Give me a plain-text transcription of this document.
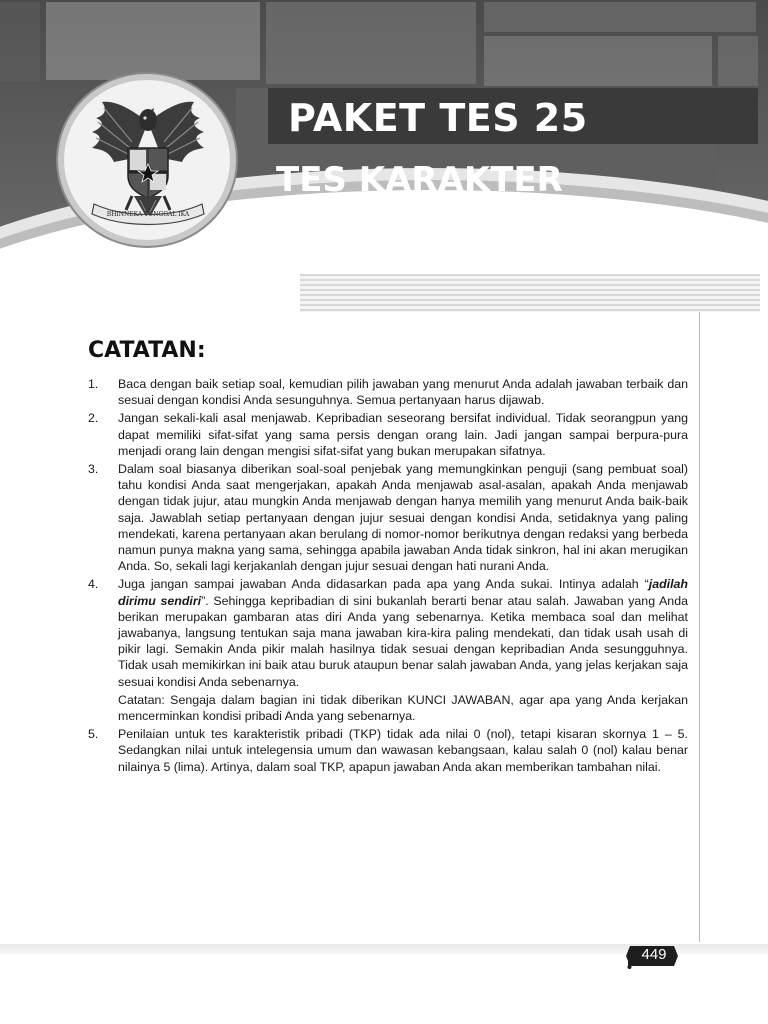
BHINNEKA TUNGGAL IKA
PAKET TES 25
TES KARAKTER
PRIBADI
CATATAN:
1.	Baca dengan baik setiap soal, kemudian pilih jawaban yang menurut Anda adalah jawaban terbaik dan sesuai dengan kondisi Anda sesunguhnya. Semua pertanyaan harus dijawab.

2.	Jangan sekali-kali asal menjawab. Kepribadian seseorang bersifat individual. Tidak seorangpun yang dapat memiliki sifat-sifat yang sama persis dengan orang lain. Jadi jangan sampai berpura-pura menjadi orang lain dengan mengisi sifat-sifat yang bukan merupakan sifatnya.

3.	Dalam soal biasanya diberikan soal-soal penjebak yang memungkinkan penguji (sang pembuat soal) tahu kondisi Anda saat mengerjakan, apakah Anda menjawab asal-asalan, apakah Anda menjawab dengan tidak jujur, atau mungkin Anda menjawab dengan hanya memilih yang menurut Anda baik-baik saja. Jawablah setiap pertanyaan dengan jujur sesuai dengan kondisi Anda, setidaknya yang paling mendekati, karena pertanyaan akan berulang di nomor-nomor berikutnya dengan redaksi yang berbeda namun punya makna yang sama, sehingga apabila jawaban Anda tidak sinkron, hal ini akan merugikan Anda. So, sekali lagi kerjakanlah dengan jujur sesuai dengan hati nurani Anda.

4.	Juga jangan sampai jawaban Anda didasarkan pada apa yang Anda sukai. Intinya adalah “jadilah dirimu sendiri”. Sehingga kepribadian di sini bukanlah berarti benar atau salah. Jawaban yang Anda berikan merupakan gambaran atas diri Anda yang sebenarnya. Ketika membaca soal dan melihat jawabanya, langsung tentukan saja mana jawaban kira-kira paling mendekati, dan tidak usah usah di pikir lagi. Semakin Anda pikir malah hasilnya tidak sesuai dengan kepribadian Anda sesungguhnya. Tidak usah memikirkan ini baik atau buruk ataupun benar salah jawaban Anda, yang jelas kerjakan saja sesuai kondisi Anda sebenarnya.

Catatan: Sengaja dalam bagian ini tidak diberikan KUNCI JAWABAN, agar apa yang Anda kerjakan mencerminkan kondisi pribadi Anda yang sebenarnya.

5.	Penilaian untuk tes karakteristik pribadi (TKP) tidak ada nilai 0 (nol), tetapi kisaran skornya 1 – 5. Sedangkan nilai untuk intelegensia umum dan wawasan kebangsaan, kalau salah 0 (nol) kalau benar nilainya 5 (lima). Artinya, dalam soal TKP, apapun jawaban Anda akan memberikan tambahan nilai.

449
